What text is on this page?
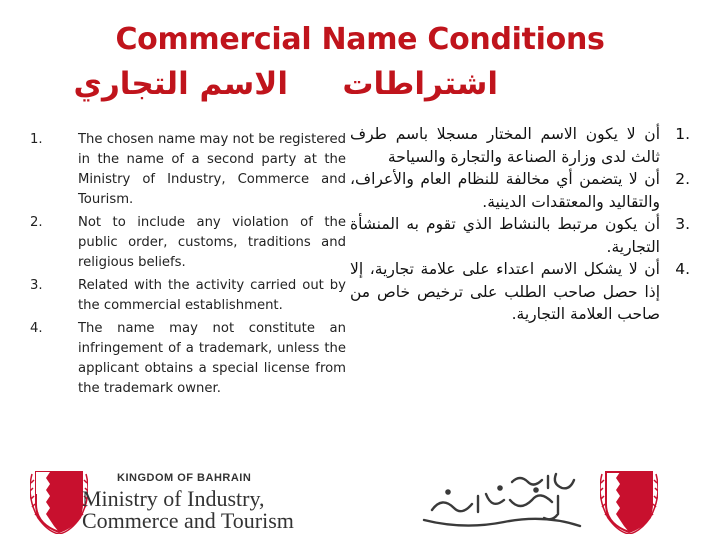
Commercial Name Conditions
اشتراطات
الاسم التجاري
1.	The chosen name may not be registered in the name of a second party at the Ministry of Industry, Commerce and Tourism.
2.	Not to include any violation of the public order, customs, traditions and religious beliefs.
3.	Related with the activity carried out by the commercial establishment.
4.	The name may not constitute an infringement of a trademark, unless the applicant obtains a special license from the trademark owner.
1.
أن لا يكون الاسم المختار مسجلا باسم طرف ثالث لدى وزارة الصناعة والتجارة والسياحة
2.
أن لا يتضمن أي مخالفة للنظام العام والأعراف، والتقاليد والمعتقدات الدينية.
3.
أن يكون مرتبط بالنشاط الذي تقوم به المنشأة التجارية.
4.
أن لا يشكل الاسم اعتداء على علامة تجارية، إلا إذا حصل صاحب الطلب على ترخيص خاص من صاحب العلامة التجارية.
KINGDOM OF BAHRAIN
Ministry of Industry,
Commerce and Tourism
